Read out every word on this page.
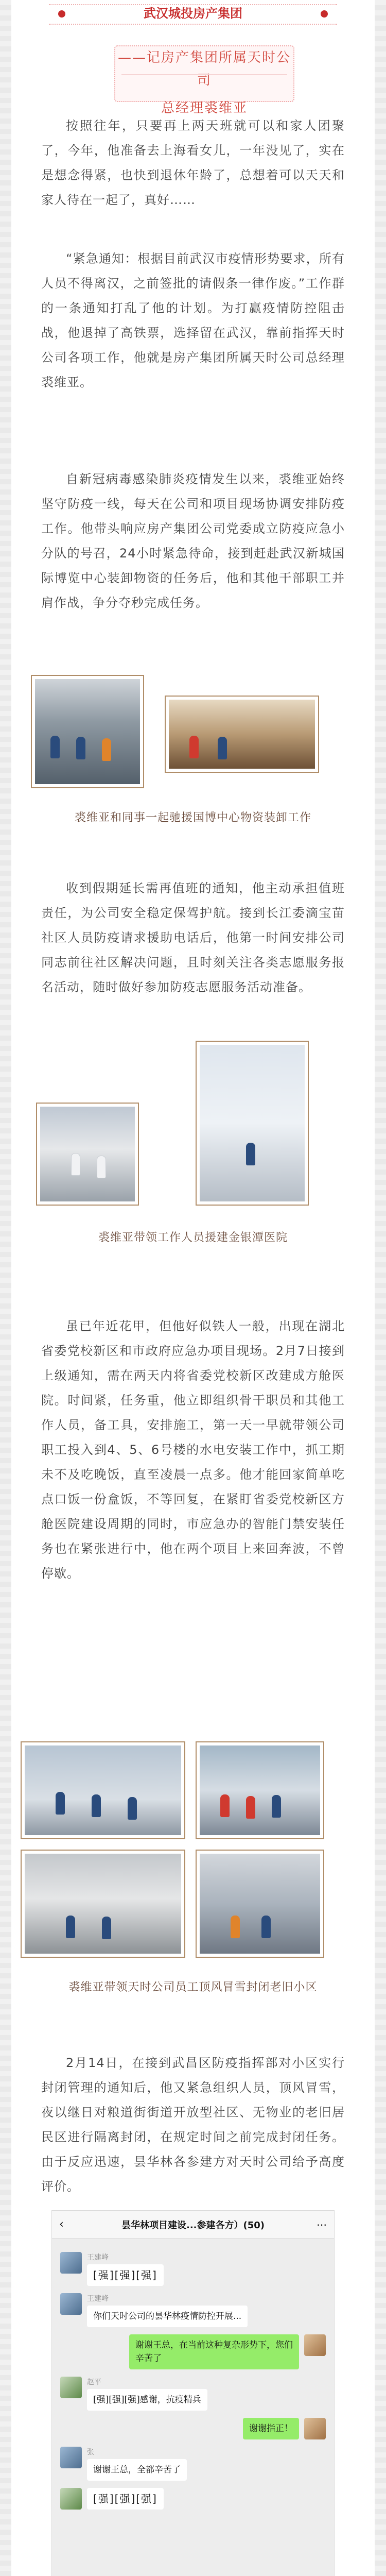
武汉城投房产集团
——记房产集团所属天时公司
总经理裘维亚
按照往年，只要再上两天班就可以和家人团聚了，今年，他准备去上海看女儿，一年没见了，实在是想念得紧，也快到退休年龄了，总想着可以天天和家人待在一起了，真好……
“紧急通知：根据目前武汉市疫情形势要求，所有人员不得离汉，之前签批的请假条一律作废。”工作群的一条通知打乱了他的计划。为打赢疫情防控阻击战，他退掉了高铁票，选择留在武汉，靠前指挥天时公司各项工作，他就是房产集团所属天时公司总经理裘维亚。
自新冠病毒感染肺炎疫情发生以来，裘维亚始终坚守防疫一线，每天在公司和项目现场协调安排防疫工作。他带头响应房产集团公司党委成立防疫应急小分队的号召，24小时紧急待命，接到赶赴武汉新城国际博览中心装卸物资的任务后，他和其他干部职工并肩作战，争分夺秒完成任务。
裘维亚和同事一起驰援国博中心物资装卸工作
收到假期延长需再值班的通知，他主动承担值班责任，为公司安全稳定保驾护航。接到长江委滴宝苗社区人员防疫请求援助电话后，他第一时间安排公司同志前往社区解决问题，且时刻关注各类志愿服务报名活动，随时做好参加防疫志愿服务活动准备。
裘维亚带领工作人员援建金银潭医院
虽已年近花甲，但他好似铁人一般，出现在湖北省委党校新区和市政府应急办项目现场。2月7日接到上级通知，需在两天内将省委党校新区改建成方舱医院。时间紧，任务重，他立即组织骨干职员和其他工作人员，备工具，安排施工，第一天一早就带领公司职工投入到4、5、6号楼的水电安装工作中，抓工期未不及吃晚饭，直至凌晨一点多。他才能回家简单吃点口饭一份盒饭，不等回复，在紧盯省委党校新区方舱医院建设周期的同时，市应急办的智能门禁安装任务也在紧张进行中，他在两个项目上来回奔波，不曾停歇。
裘维亚带领天时公司员工顶风冒雪封闭老旧小区
2月14日，在接到武昌区防疫指挥部对小区实行封闭管理的通知后，他又紧急组织人员，顶风冒雪，夜以继日对粮道街街道开放型社区、无物业的老旧居民区进行隔离封闭，在规定时间之前完成封闭任务。由于反应迅速，昙华林各参建方对天时公司给予高度评价。
‹	昙华林项目建设...参建各方）(50)	⋯
王建峰
[强][强][强]
王建峰
你们天时公司的昙华林疫情防控开展...
谢谢王总，在当前这种复杂形势下，您们辛苦了
赵平
[强][强][强]感谢，抗疫精兵
谢谢指正！
张
谢谢王总，全都辛苦了
[强][强][强]
